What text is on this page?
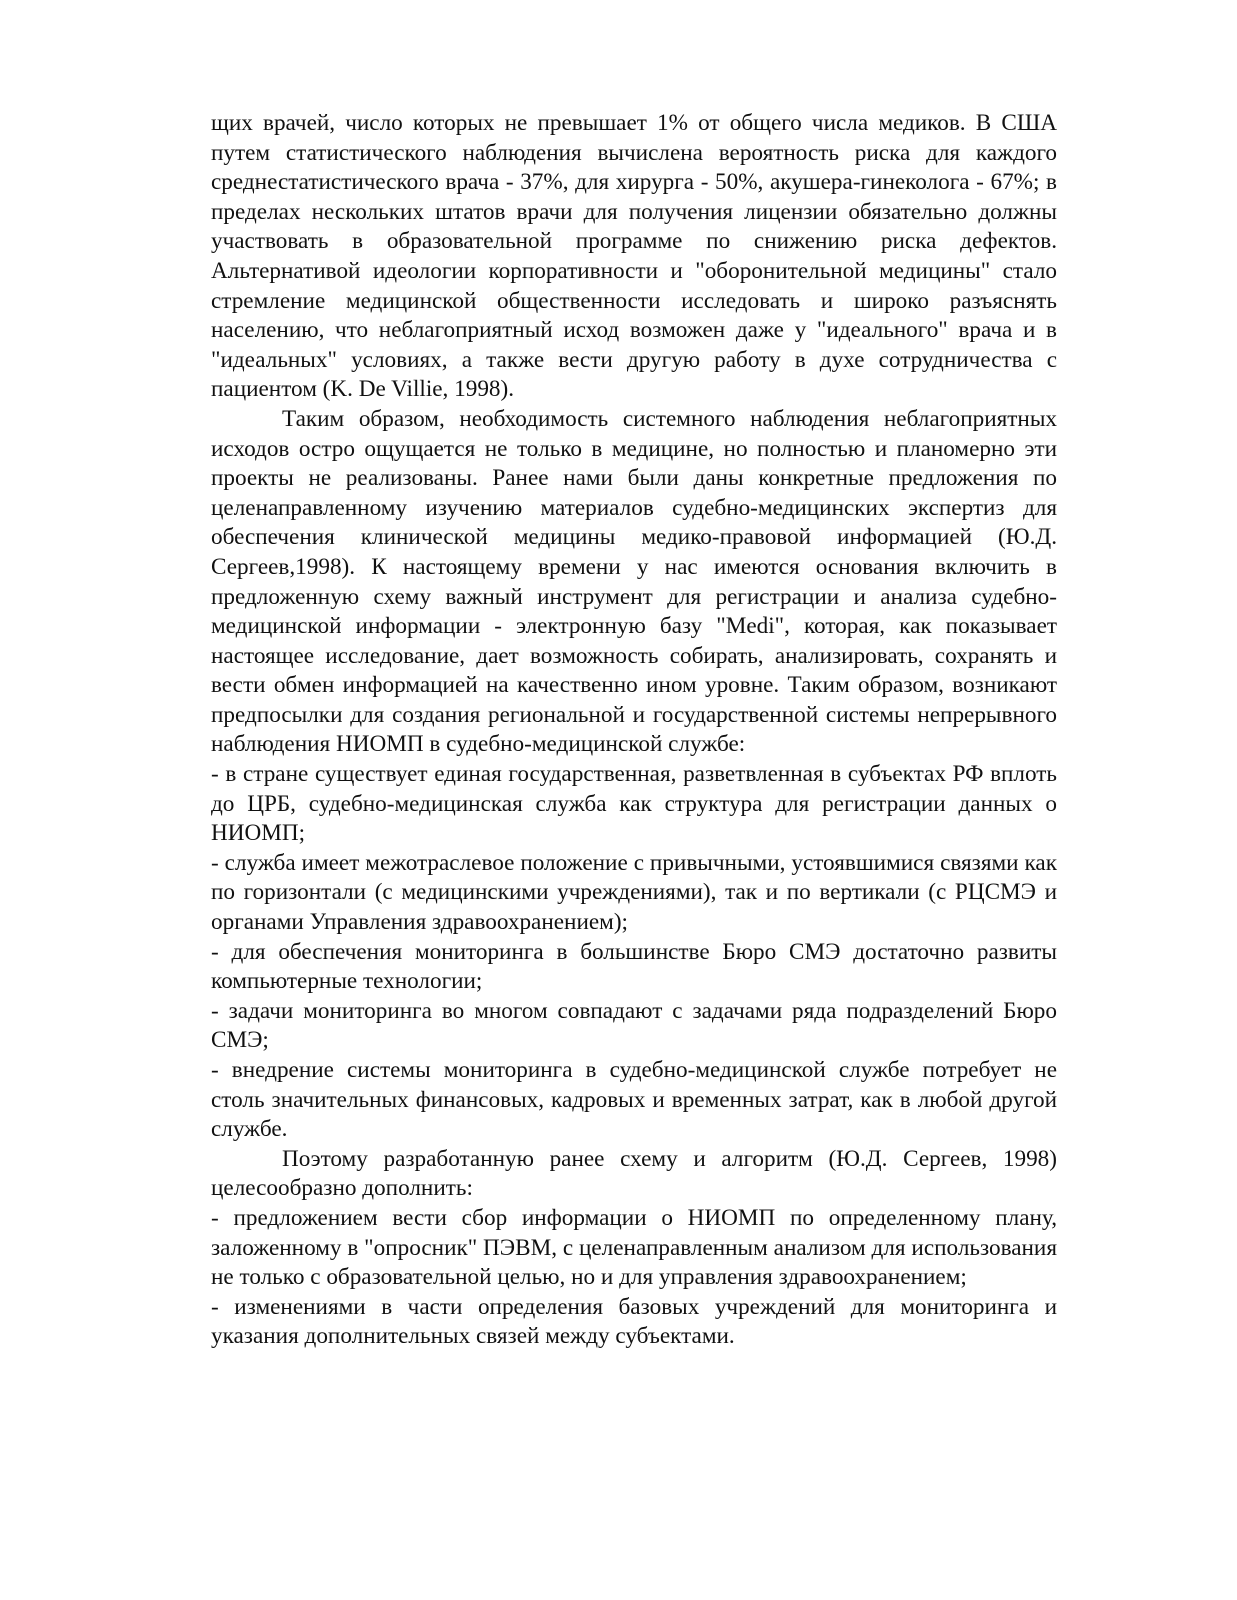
щих врачей, число которых не превышает 1% от общего числа медиков. В США путем статистического наблюдения вычислена вероятность риска для каждого среднестатистического врача - 37%, для хирурга - 50%, акушера-гинеколога - 67%; в пределах нескольких штатов врачи для получения лицензии обязательно должны участвовать в образовательной программе по снижению риска дефектов. Альтернативой идеологии корпоративности и "оборонительной медицины" стало стремление медицинской общественности исследовать и широко разъяснять населению, что неблагоприятный исход возможен даже у "идеального" врача и в "идеальных" условиях, а также вести другую работу в духе сотрудничества с пациентом (K. De Villie, 1998).

Таким образом, необходимость системного наблюдения неблагоприятных исходов остро ощущается не только в медицине, но полностью и планомерно эти проекты не реализованы. Ранее нами были даны конкретные предложения по целенаправленному изучению материалов судебно-медицинских экспертиз для обеспечения клинической медицины медико-правовой информацией (Ю.Д. Сергеев,1998). К настоящему времени у нас имеются основания включить в предложенную схему важный инструмент для регистрации и анализа судебно-медицинской информации - электронную базу "Medi", которая, как показывает настоящее исследование, дает возможность собирать, анализировать, сохранять и вести обмен информацией на качественно ином уровне. Таким образом, возникают предпосылки для создания региональной и государственной системы непрерывного наблюдения НИОМП в судебно-медицинской службе:

- в стране существует единая государственная, разветвленная в субъектах РФ вплоть до ЦРБ, судебно-медицинская служба как структура для регистрации данных о НИОМП;

- служба имеет межотраслевое положение с привычными, устоявшимися связями как по горизонтали (с медицинскими учреждениями), так и по вертикали (с РЦСМЭ и органами Управления здравоохранением);

- для обеспечения мониторинга в большинстве Бюро СМЭ достаточно развиты компьютерные технологии;

- задачи мониторинга во многом совпадают с задачами ряда подразделений Бюро СМЭ;

- внедрение системы мониторинга в судебно-медицинской службе потребует не столь значительных финансовых, кадровых и временных затрат, как в любой другой службе.

Поэтому разработанную ранее схему и алгоритм (Ю.Д. Сергеев, 1998) целесообразно дополнить:

- предложением вести сбор информации о НИОМП по определенному плану, заложенному в "опросник" ПЭВМ, с целенаправленным анализом для использования не только с образовательной целью, но и для управления здравоохранением;

- изменениями в части определения базовых учреждений для мониторинга и указания дополнительных связей между субъектами.
